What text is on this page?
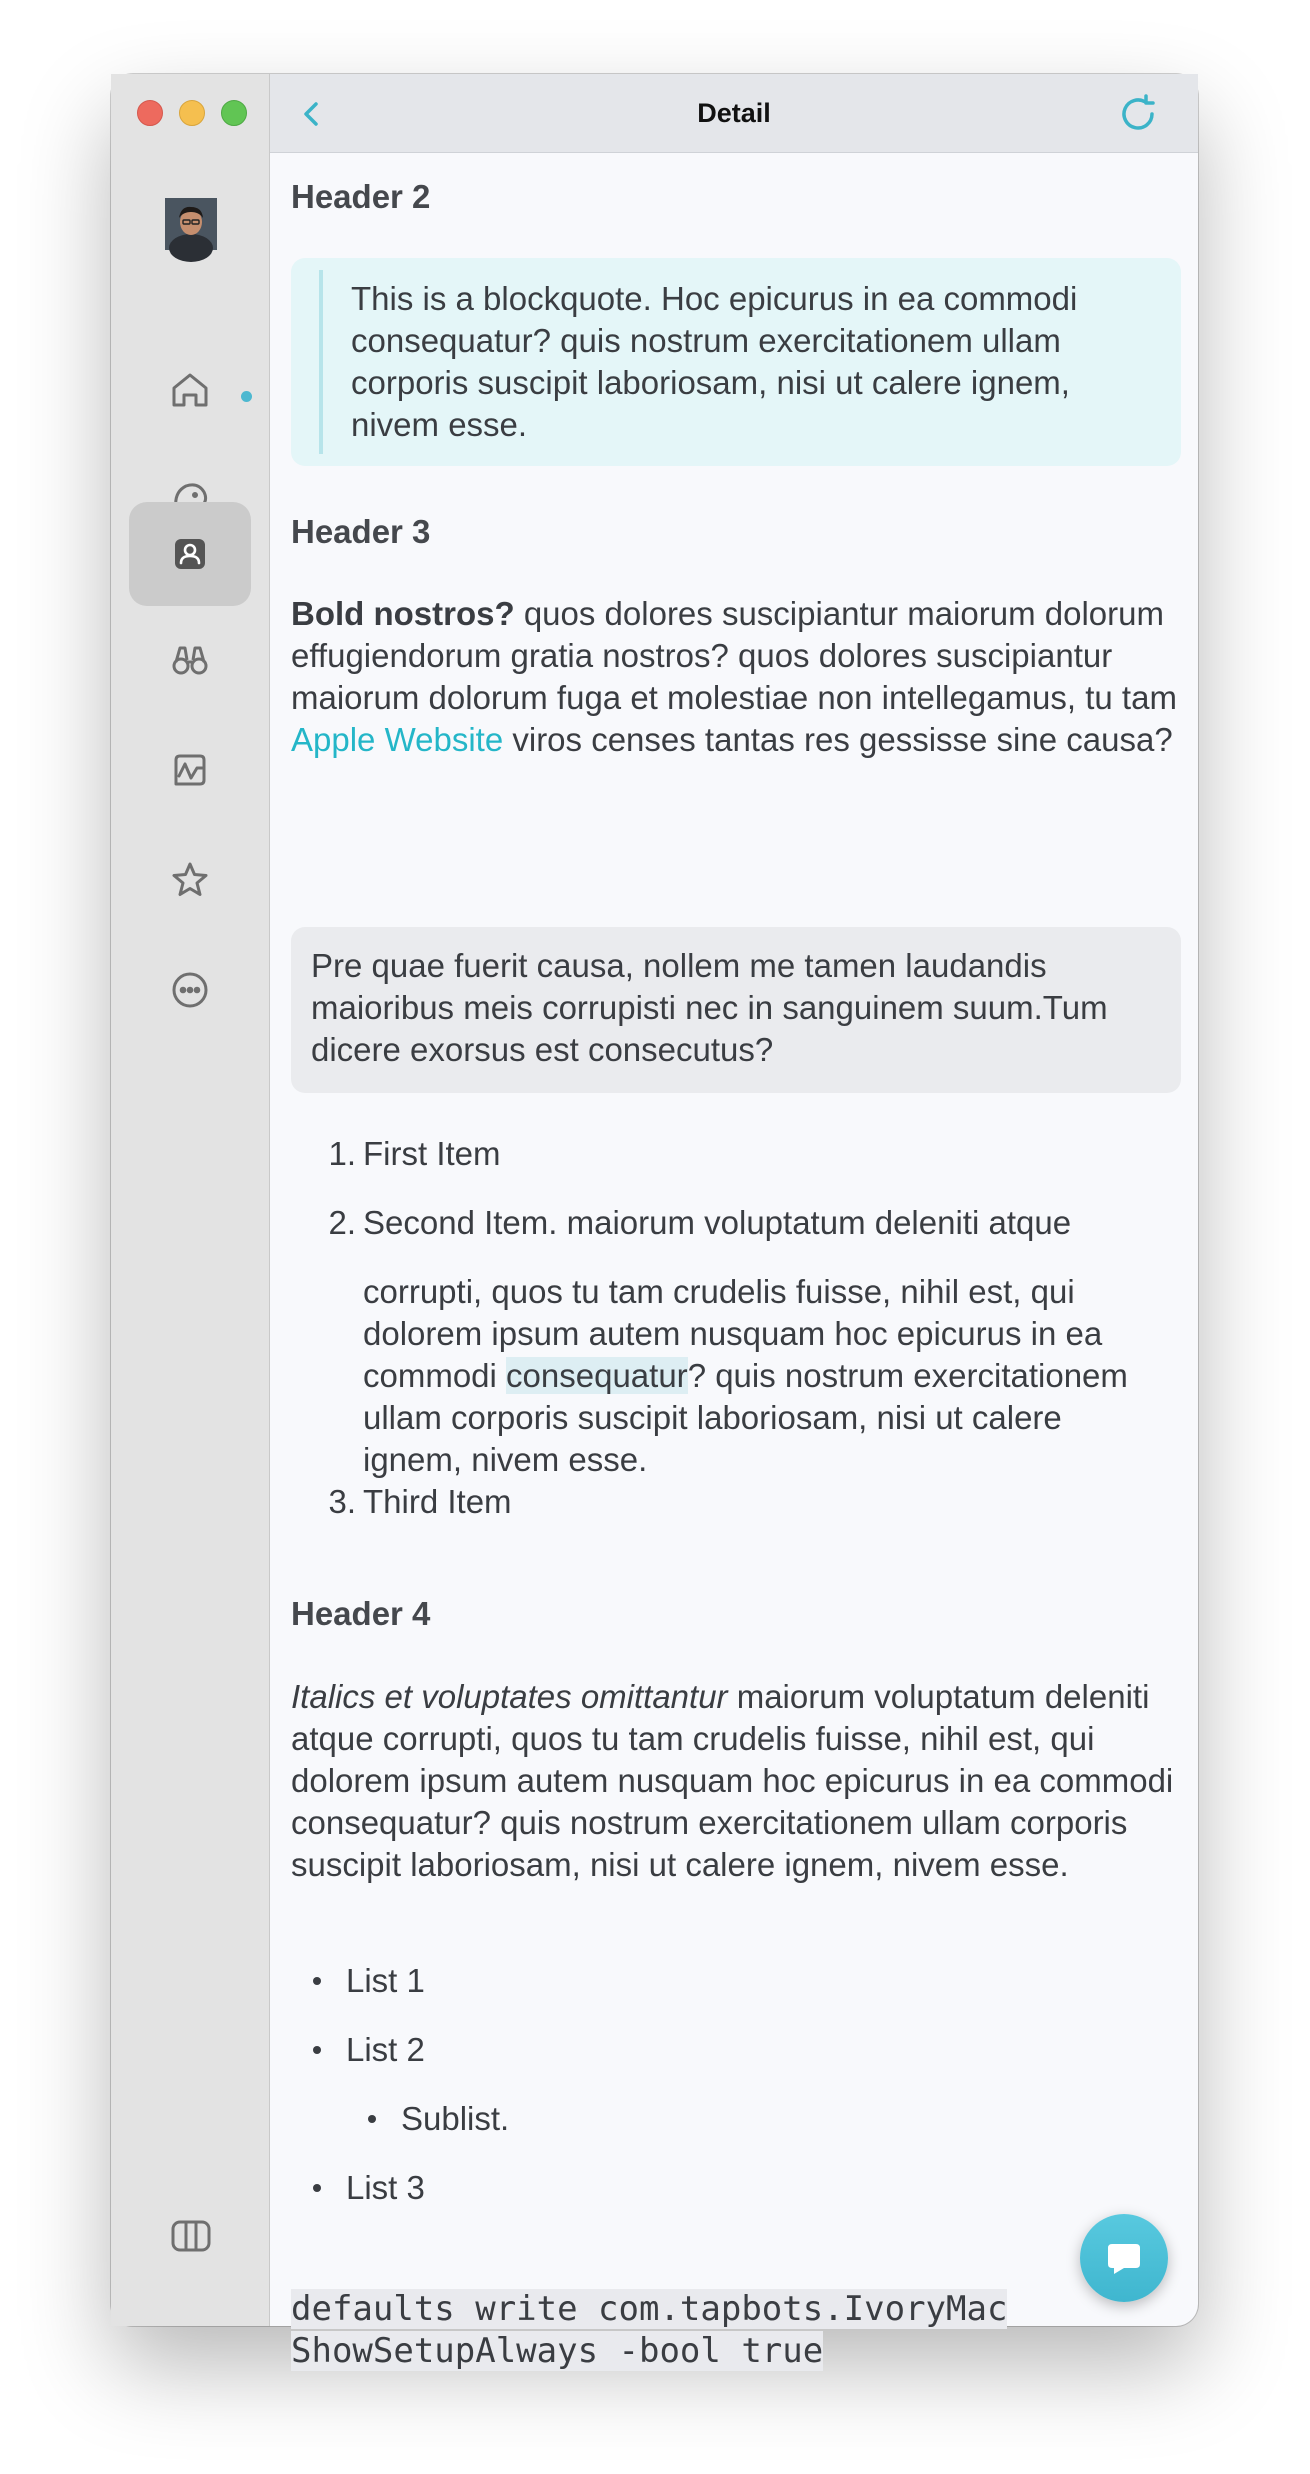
Detail
Header 2
This is a blockquote. Hoc epicurus in ea commodi consequatur? quis nostrum exercitationem ullam corporis suscipit laboriosam, nisi ut calere ignem, nivem esse.
Header 3
Bold nostros? quos dolores suscipiantur maiorum dolorum effugiendorum gratia nostros? quos dolores suscipiantur maiorum dolorum fuga et molestiae non intellegamus, tu tam Apple Website viros censes tantas res gessisse sine causa?
Pre quae fuerit causa, nollem me tamen laudandis maioribus meis corrupisti nec in sanguinem suum.Tum dicere exorsus est consecutus?
1. First Item
2. Second Item. maiorum voluptatum deleniti atque
corrupti, quos tu tam crudelis fuisse, nihil est, qui dolorem ipsum autem nusquam hoc epicurus in ea commodi consequatur? quis nostrum exercitationem ullam corporis suscipit laboriosam, nisi ut calere ignem, nivem esse.
3. Third Item
Header 4
Italics et voluptates omittantur maiorum voluptatum deleniti atque corrupti, quos tu tam crudelis fuisse, nihil est, qui dolorem ipsum autem nusquam hoc epicurus in ea commodi consequatur? quis nostrum exercitationem ullam corporis suscipit laboriosam, nisi ut calere ignem, nivem esse.
List 1
List 2
Sublist.
List 3
defaults write com.tapbots.IvoryMac
ShowSetupAlways -bool true
